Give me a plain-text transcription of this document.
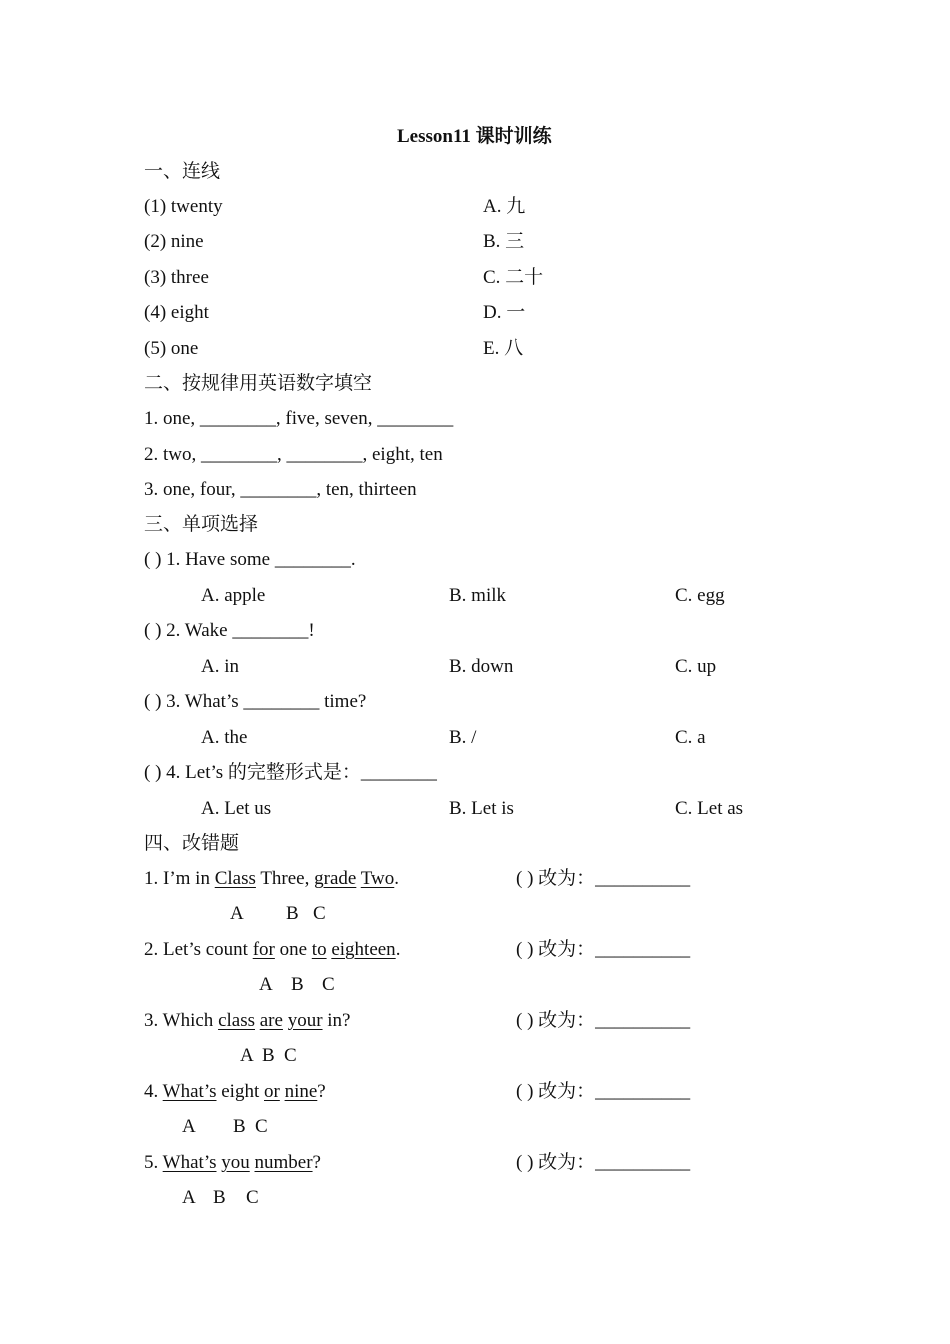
Lesson11 课时训练
一、连线
(1) twenty	A. 九
(2) nine	B. 三
(3) three	C. 二十
(4) eight	D. 一
(5) one	E. 八
二、按规律用英语数字填空
1. one, ________, five, seven, ________
2. two, ________, ________, eight, ten
3. one, four, ________, ten, thirteen
三、单项选择
( ) 1. Have some ________.
A. apple	B. milk	C. egg
( ) 2. Wake ________!
A. in	B. down	C. up
( ) 3. What’s ________ time?
A. the	B. /	C. a
( ) 4. Let’s 的完整形式是：________
A. Let us	B. Let is	C. Let as
四、改错题
1. I’m in Class Three, grade Two.	( ) 改为：__________
A B C
2. Let’s count for one to eighteen.	( ) 改为：__________
A B C
3. Which class are your in?	( ) 改为：__________
A B C
4. What’s eight or nine?	( ) 改为：__________
A B C
5. What’s you number?	( ) 改为：__________
A B C
